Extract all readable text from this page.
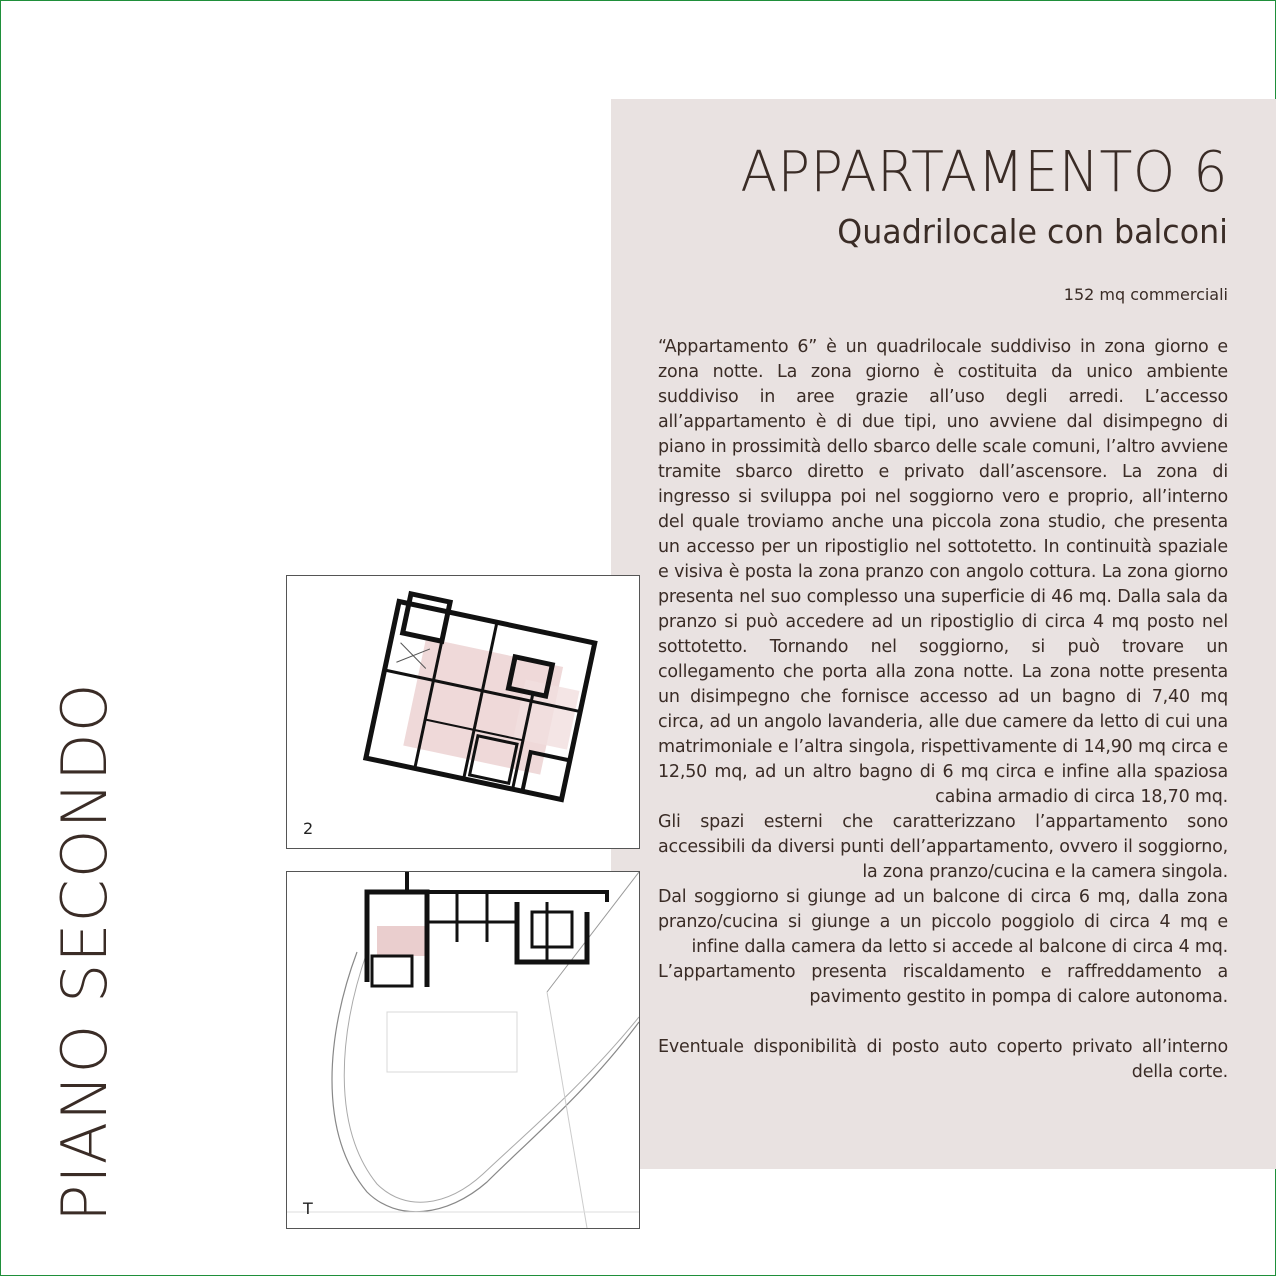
APPARTAMENTO 6
Quadrilocale con balconi
152 mq commerciali

“Appartamento 6” è un quadrilocale suddiviso in zona giorno e zona notte. La zona giorno è costituita da unico ambiente suddiviso in aree grazie all’uso degli arredi. L’accesso all’appartamento è di due tipi, uno avviene dal disimpegno di piano in prossimità dello sbarco delle scale comuni, l’altro avviene tramite sbarco diretto e privato dall’ascensore. La zona di ingresso si sviluppa poi nel soggiorno vero e proprio, all’interno del quale troviamo anche una piccola zona studio, che presenta un accesso per un ripostiglio nel sottotetto. In continuità spaziale e visiva è posta la zona pranzo con angolo cottura. La zona giorno presenta nel suo complesso una superficie di 46 mq. Dalla sala da pranzo si può accedere ad un ripostiglio di circa 4 mq posto nel sottotetto. Tornando nel soggiorno, si può trovare un collegamento che porta alla zona notte. La zona notte presenta un disimpegno che fornisce accesso ad un bagno di 7,40 mq circa, ad un angolo lavanderia, alle due camere da letto di cui una matrimoniale e l’altra singola, rispettivamente di 14,90 mq circa e 12,50 mq, ad un altro bagno di 6 mq circa e infine alla spaziosa cabina armadio di circa 18,70 mq.

Gli spazi esterni che caratterizzano l’appartamento sono accessibili da diversi punti dell’appartamento, ovvero il soggiorno, la zona pranzo/cucina e la camera singola.

Dal soggiorno si giunge ad un balcone di circa 6 mq, dalla zona pranzo/cucina si giunge a un piccolo poggiolo di circa 4 mq e infine dalla camera da letto si accede al balcone di circa 4 mq.

L’appartamento presenta riscaldamento e raffreddamento a pavimento gestito in pompa di calore autonoma.

Eventuale disponibilità di posto auto coperto privato all’interno della corte.

PIANO SECONDO	2
T
